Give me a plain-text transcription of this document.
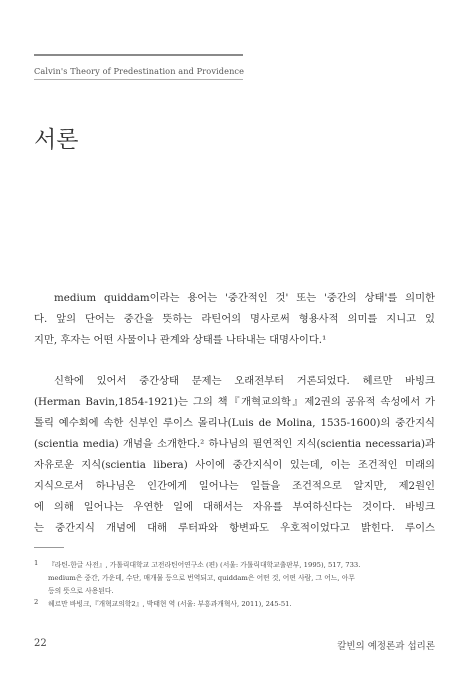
Calvin's Theory of Predestination and Providence
서론
medium quiddam이라는 용어는 '중간적인 것' 또는 '중간의 상태'를 의미한
다. 앞의 단어는 중간을 뜻하는 라틴어의 명사로써 형용사적 의미를 지니고 있
지만, 후자는 어떤 사물이나 관계와 상태를 나타내는 대명사이다.¹
신학에 있어서 중간상태 문제는 오래전부터 거론되었다. 헤르만 바빙크
(Herman Bavin,1854-1921)는 그의 책『개혁교의학』제2권의 공유적 속성에서 가
톨릭 예수회에 속한 신부인 루이스 몰리나(Luis de Molina, 1535-1600)의 중간지식
(scientia media) 개념을 소개한다.² 하나님의 필연적인 지식(scientia necessaria)과
자유로운 지식(scientia libera) 사이에 중간지식이 있는데, 이는 조건적인 미래의
지식으로서 하나님은 인간에게 일어나는 일들을 조건적으로 알지만, 제2원인
에 의해 일어나는 우연한 일에 대해서는 자유를 부여하신다는 것이다. 바빙크
는 중간지식 개념에 대해 루터파와 항변파도 우호적이었다고 밝힌다. 루이스
1 『라틴-한글 사전』, 가톨릭대학교 고전라틴어연구소 (편) (서울: 가톨릭대학교출판부, 1995), 517, 733.
medium은 중간, 가운데, 수단, 매개물 등으로 번역되고, quiddam은 어떤 것, 어떤 사람, 그 어느, 아무
등의 뜻으로 사용된다.
2 헤르만 바빙크,『개혁교의학2』, 박태현 역 (서울: 부흥과개혁사, 2011), 245-51.
22	칼빈의 예정론과 섭리론
